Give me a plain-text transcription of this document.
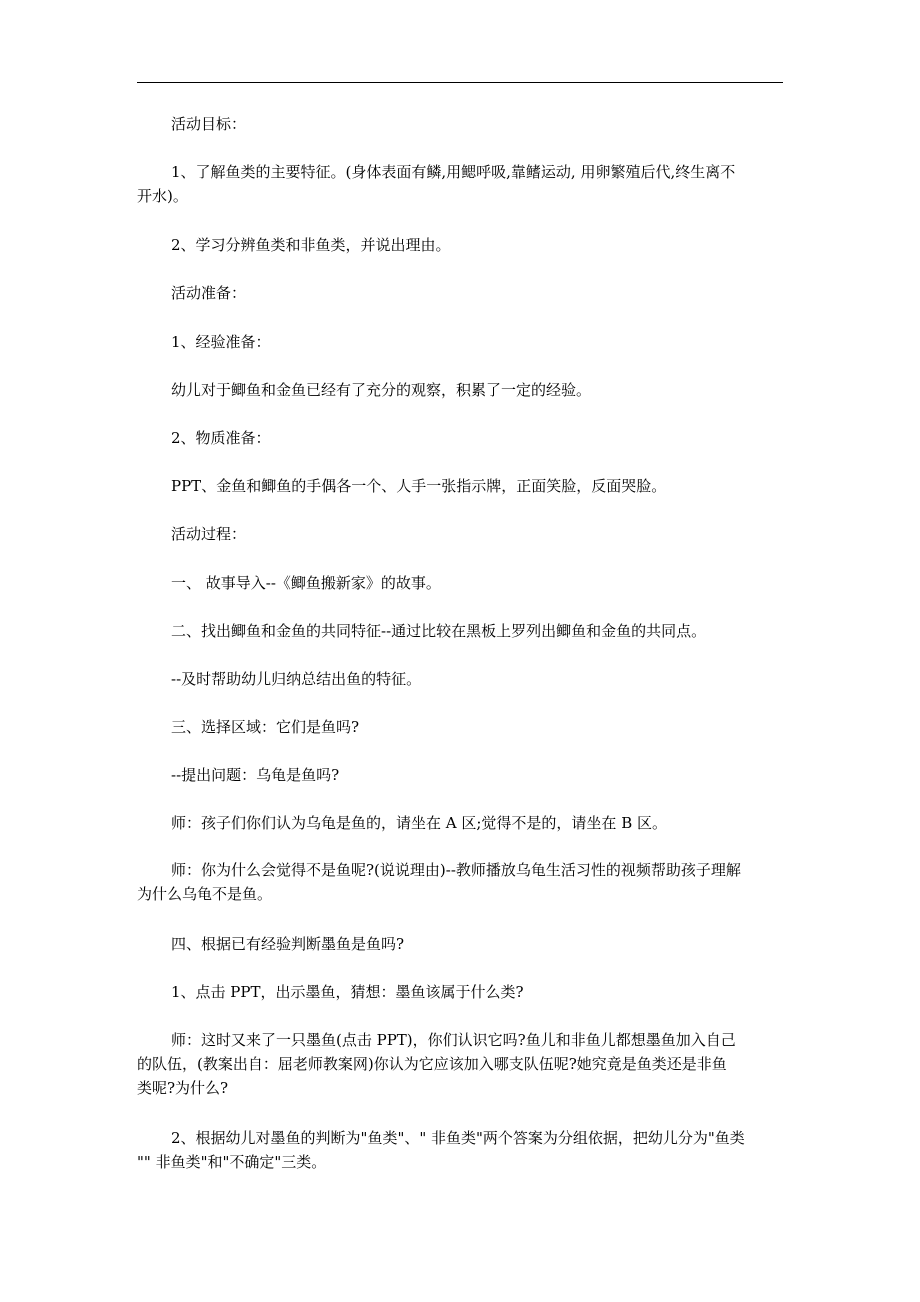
活动目标：
1、了解鱼类的主要特征。(身体表面有鳞,用鳃呼吸,靠鳍运动, 用卵繁殖后代,终生离不
开水)。
2、学习分辨鱼类和非鱼类，并说出理由。
活动准备：
1、经验准备：
幼儿对于鲫鱼和金鱼已经有了充分的观察，积累了一定的经验。
2、物质准备：
PPT、金鱼和鲫鱼的手偶各一个、人手一张指示牌，正面笑脸，反面哭脸。
活动过程：
一、 故事导入--《鲫鱼搬新家》的故事。
二、找出鲫鱼和金鱼的共同特征--通过比较在黑板上罗列出鲫鱼和金鱼的共同点。
--及时帮助幼儿归纳总结出鱼的特征。
三、选择区域：它们是鱼吗?
--提出问题：乌龟是鱼吗?
师：孩子们你们认为乌龟是鱼的，请坐在 A 区;觉得不是的，请坐在 B 区。
师：你为什么会觉得不是鱼呢?(说说理由)--教师播放乌龟生活习性的视频帮助孩子理解
为什么乌龟不是鱼。
四、根据已有经验判断墨鱼是鱼吗?
1、点击 PPT，出示墨鱼，猜想：墨鱼该属于什么类?
师：这时又来了一只墨鱼(点击 PPT)，你们认识它吗?鱼儿和非鱼儿都想墨鱼加入自己
的队伍，(教案出自：屈老师教案网)你认为它应该加入哪支队伍呢?她究竟是鱼类还是非鱼
类呢?为什么?
2、根据幼儿对墨鱼的判断为"鱼类"、" 非鱼类"两个答案为分组依据，把幼儿分为"鱼类
"" 非鱼类"和"不确定"三类。
